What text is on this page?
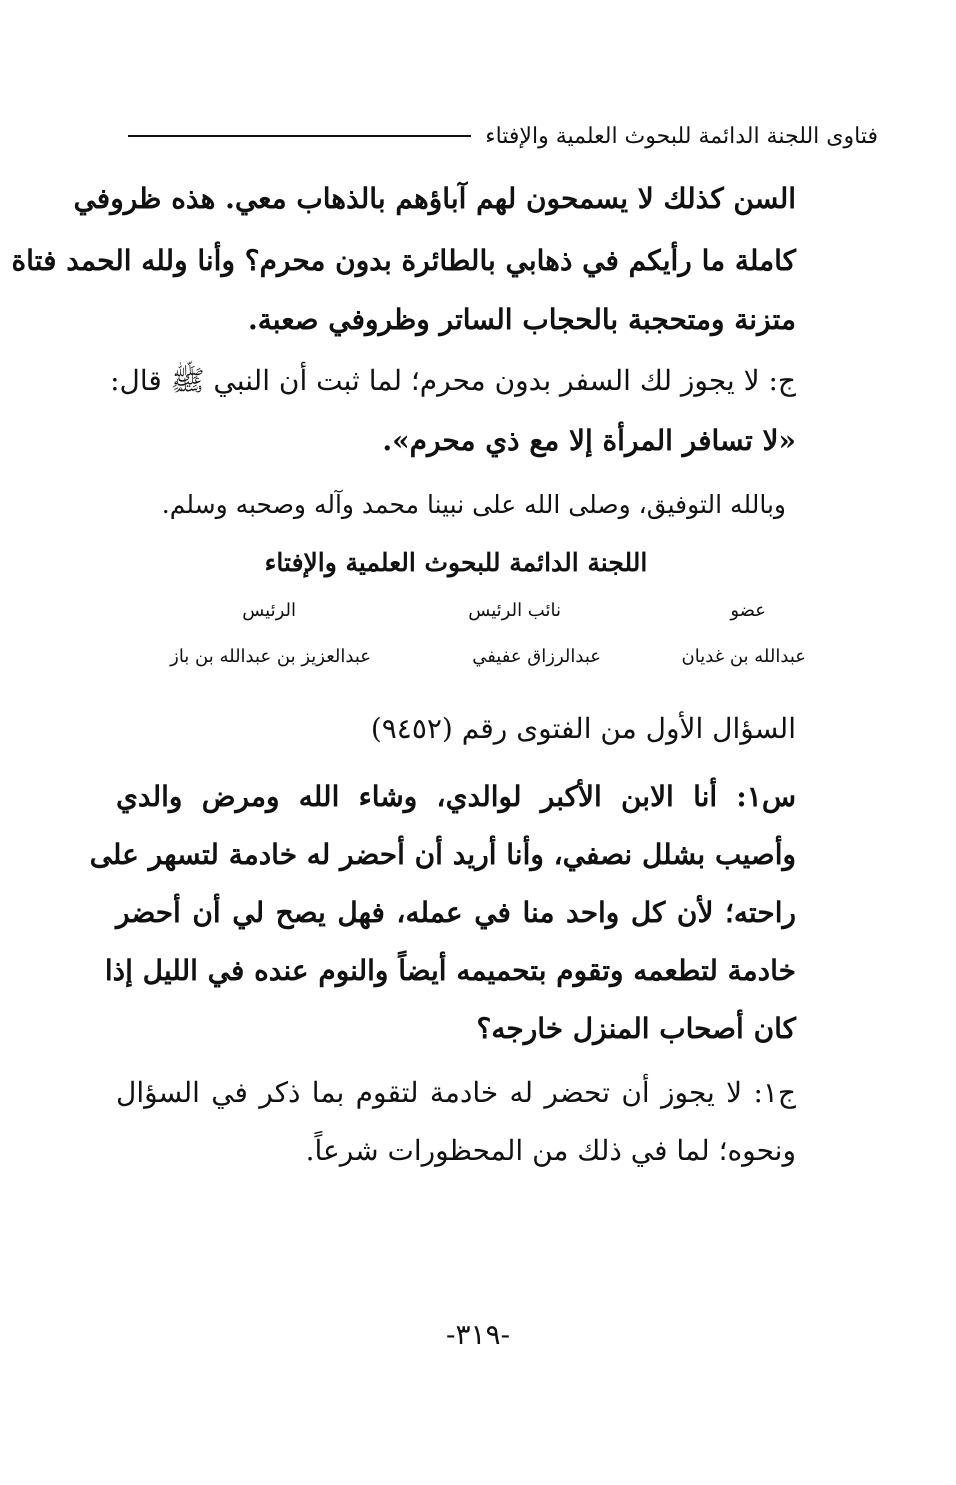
فتاوى اللجنة الدائمة للبحوث العلمية والإفتاء
السن كذلك لا يسمحون لهم آباؤهم بالذهاب معي. هذه ظروفي
كاملة ما رأيكم في ذهابي بالطائرة بدون محرم؟ وأنا ولله الحمد فتاة
متزنة ومتحجبة بالحجاب الساتر وظروفي صعبة.
ج: لا يجوز لك السفر بدون محرم؛ لما ثبت أن النبي ﷺ قال:
«لا تسافر المرأة إلا مع ذي محرم».
وبالله التوفيق، وصلى الله على نبينا محمد وآله وصحبه وسلم.
اللجنة الدائمة للبحوث العلمية والإفتاء
عضو
نائب الرئيس
الرئيس
عبدالله بن غديان
عبدالرزاق عفيفي
عبدالعزيز بن عبدالله بن باز
السؤال الأول من الفتوى رقم (٩٤٥٢)
س١: أنا الابن الأكبر لوالدي، وشاء الله ومرض والدي
وأصيب بشلل نصفي، وأنا أريد أن أحضر له خادمة لتسهر على
راحته؛ لأن كل واحد منا في عمله، فهل يصح لي أن أحضر
خادمة لتطعمه وتقوم بتحميمه أيضاً والنوم عنده في الليل إذا
كان أصحاب المنزل خارجه؟
ج١: لا يجوز أن تحضر له خادمة لتقوم بما ذكر في السؤال
ونحوه؛ لما في ذلك من المحظورات شرعاً.
-٣١٩-
